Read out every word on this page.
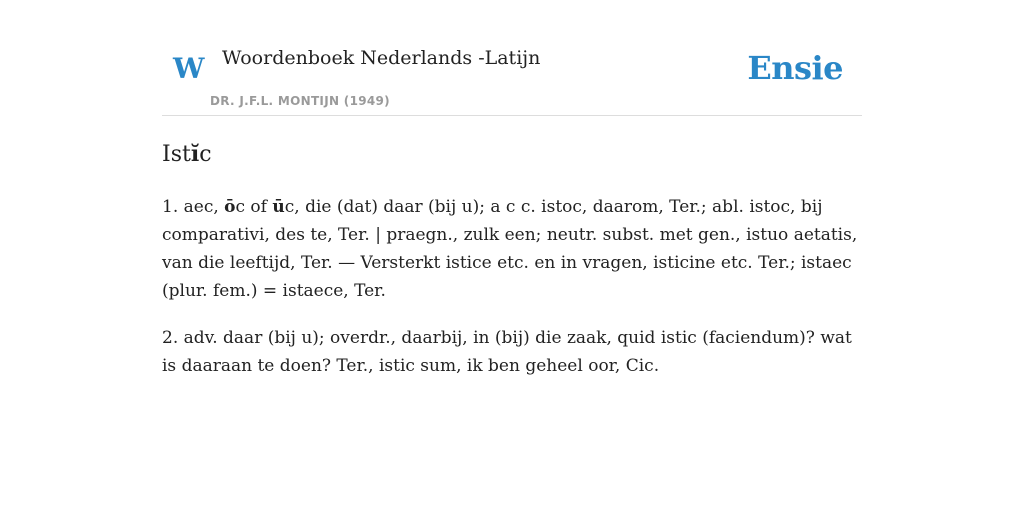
W Woordenboek Nederlands -Latijn
DR. J.F.L. MONTIJN (1949)
Ensie
Istĭc

1. aec, ōc of ūc, die (dat) daar (bij u); a c c. istoc, daarom, Ter.; abl. istoc, bij comparativi, des te, Ter. | praegn., zulk een; neutr. subst. met gen., istuo aetatis, van die leeftijd, Ter. — Versterkt istice etc. en in vragen, isticine etc. Ter.; istaec (plur. fem.) = istaece, Ter.

2. adv. daar (bij u); overdr., daarbij, in (bij) die zaak, quid istic (faciendum)? wat is daaraan te doen? Ter., istic sum, ik ben geheel oor, Cic.
